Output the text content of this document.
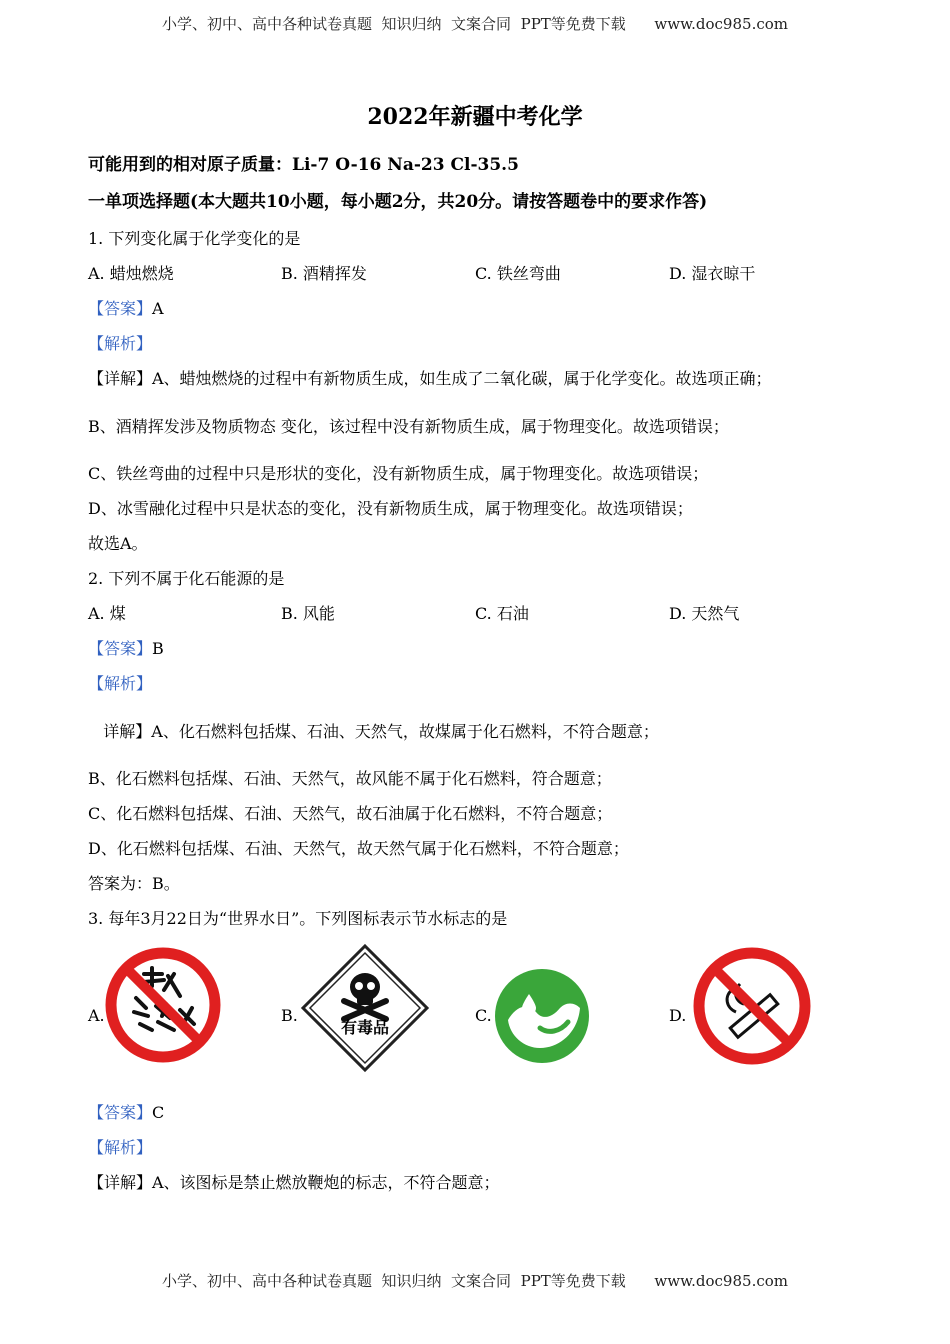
小学、初中、高中各种试卷真题  知识归纳  文案合同  PPT等免费下载      www.doc985.com
2022年新疆中考化学
可能用到的相对原子质量：Li-7 O-16 Na-23 Cl-35.5
一单项选择题(本大题共10小题，每小题2分，共20分。请按答题卷中的要求作答)
1. 下列变化属于化学变化的是
A. 蜡烛燃烧	B. 酒精挥发	C. 铁丝弯曲	D. 湿衣晾干
【答案】A
【解析】
【详解】A、蜡烛燃烧的过程中有新物质生成，如生成了二氧化碳，属于化学变化。故选项正确；
B、酒精挥发涉及物质物态 变化，该过程中没有新物质生成，属于物理变化。故选项错误；
C、铁丝弯曲的过程中只是形状的变化，没有新物质生成，属于物理变化。故选项错误；
D、冰雪融化过程中只是状态的变化，没有新物质生成，属于物理变化。故选项错误；
故选A。
2. 下列不属于化石能源的是
A. 煤	B. 风能	C. 石油	D. 天然气
【答案】B
【解析】
详解】A、化石燃料包括煤、石油、天然气，故煤属于化石燃料，不符合题意；
B、化石燃料包括煤、石油、天然气，故风能不属于化石燃料，符合题意；
C、化石燃料包括煤、石油、天然气，故石油属于化石燃料，不符合题意；
D、化石燃料包括煤、石油、天然气，故天然气属于化石燃料，不符合题意；
答案为：B。
3. 每年3月22日为“世界水日”。下列图标表示节水标志的是
A.	B.
有毒品
C.	D.
【答案】C
【解析】
【详解】A、该图标是禁止燃放鞭炮的标志，不符合题意；
小学、初中、高中各种试卷真题  知识归纳  文案合同  PPT等免费下载      www.doc985.com
